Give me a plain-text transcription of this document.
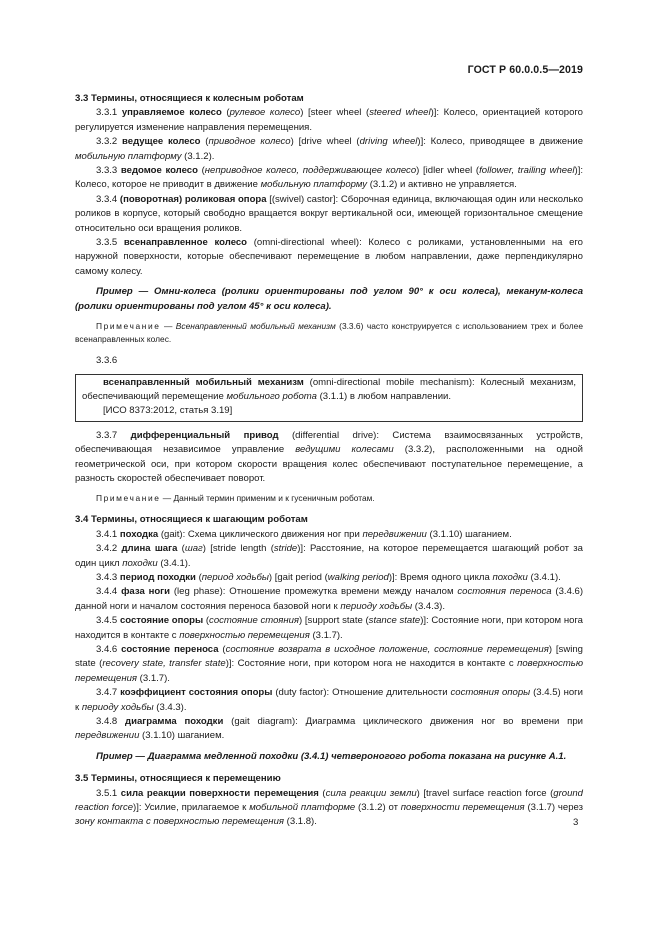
ГОСТ Р 60.0.0.5—2019

3.3 Термины, относящиеся к колесным роботам

3.3.1 управляемое колесо (рулевое колесо) [steer wheel (steered wheel)]: Колесо, ориентацией которого регулируется изменение направления перемещения.

3.3.2 ведущее колесо (приводное колесо) [drive wheel (driving wheel)]: Колесо, приводящее в движение мобильную платформу (3.1.2).

3.3.3 ведомое колесо (неприводное колесо, поддерживающее колесо) [idler wheel (follower, trailing wheel)]: Колесо, которое не приводит в движение мобильную платформу (3.1.2) и активно не управляется.

3.3.4 (поворотная) роликовая опора [(swivel) castor]: Сборочная единица, включающая один или несколько роликов в корпусе, который свободно вращается вокруг вертикальной оси, имеющей горизонтальное смещение относительно оси вращения роликов.

3.3.5 всенаправленное колесо (omni-directional wheel): Колесо с роликами, установленными на его наружной поверхности, которые обеспечивают перемещение в любом направлении, даже перпендикулярно самому колесу.

Пример — Омни-колеса (ролики ориентированы под углом 90° к оси колеса), меканум-колеса (ролики ориентированы под углом 45° к оси колеса).

Примечание — Всенаправленный мобильный механизм (3.3.6) часто конструируется с использованием трех и более всенаправленных колес.

3.3.6

всенаправленный мобильный механизм (omni-directional mobile mechanism): Колесный механизм, обеспечивающий перемещение мобильного робота (3.1.1) в любом направлении.

[ИСО 8373:2012, статья 3.19]

3.3.7 дифференциальный привод (differential drive): Система взаимосвязанных устройств, обеспечивающая независимое управление ведущими колесами (3.3.2), расположенными на одной геометрической оси, при котором скорости вращения колес обеспечивают поступательное перемещение, а разность скоростей обеспечивает поворот.

Примечание — Данный термин применим и к гусеничным роботам.

3.4 Термины, относящиеся к шагающим роботам

3.4.1 походка (gait): Схема циклического движения ног при передвижении (3.1.10) шаганием.

3.4.2 длина шага (шаг) [stride length (stride)]: Расстояние, на которое перемещается шагающий робот за один цикл походки (3.4.1).

3.4.3 период походки (период ходьбы) [gait period (walking period)]: Время одного цикла походки (3.4.1).

3.4.4 фаза ноги (leg phase): Отношение промежутка времени между началом состояния переноса (3.4.6) данной ноги и началом состояния переноса базовой ноги к периоду ходьбы (3.4.3).

3.4.5 состояние опоры (состояние стояния) [support state (stance state)]: Состояние ноги, при котором нога находится в контакте с поверхностью перемещения (3.1.7).

3.4.6 состояние переноса (состояние возврата в исходное положение, состояние перемещения) [swing state (recovery state, transfer state)]: Состояние ноги, при котором нога не находится в контакте с поверхностью перемещения (3.1.7).

3.4.7 коэффициент состояния опоры (duty factor): Отношение длительности состояния опоры (3.4.5) ноги к периоду ходьбы (3.4.3).

3.4.8 диаграмма походки (gait diagram): Диаграмма циклического движения ног во времени при передвижении (3.1.10) шаганием.

Пример — Диаграмма медленной походки (3.4.1) четвероногого робота показана на рисунке А.1.

3.5 Термины, относящиеся к перемещению

3.5.1 сила реакции поверхности перемещения (сила реакции земли) [travel surface reaction force (ground reaction force)]: Усилие, прилагаемое к мобильной платформе (3.1.2) от поверхности перемещения (3.1.7) через зону контакта с поверхностью перемещения (3.1.8).	3
